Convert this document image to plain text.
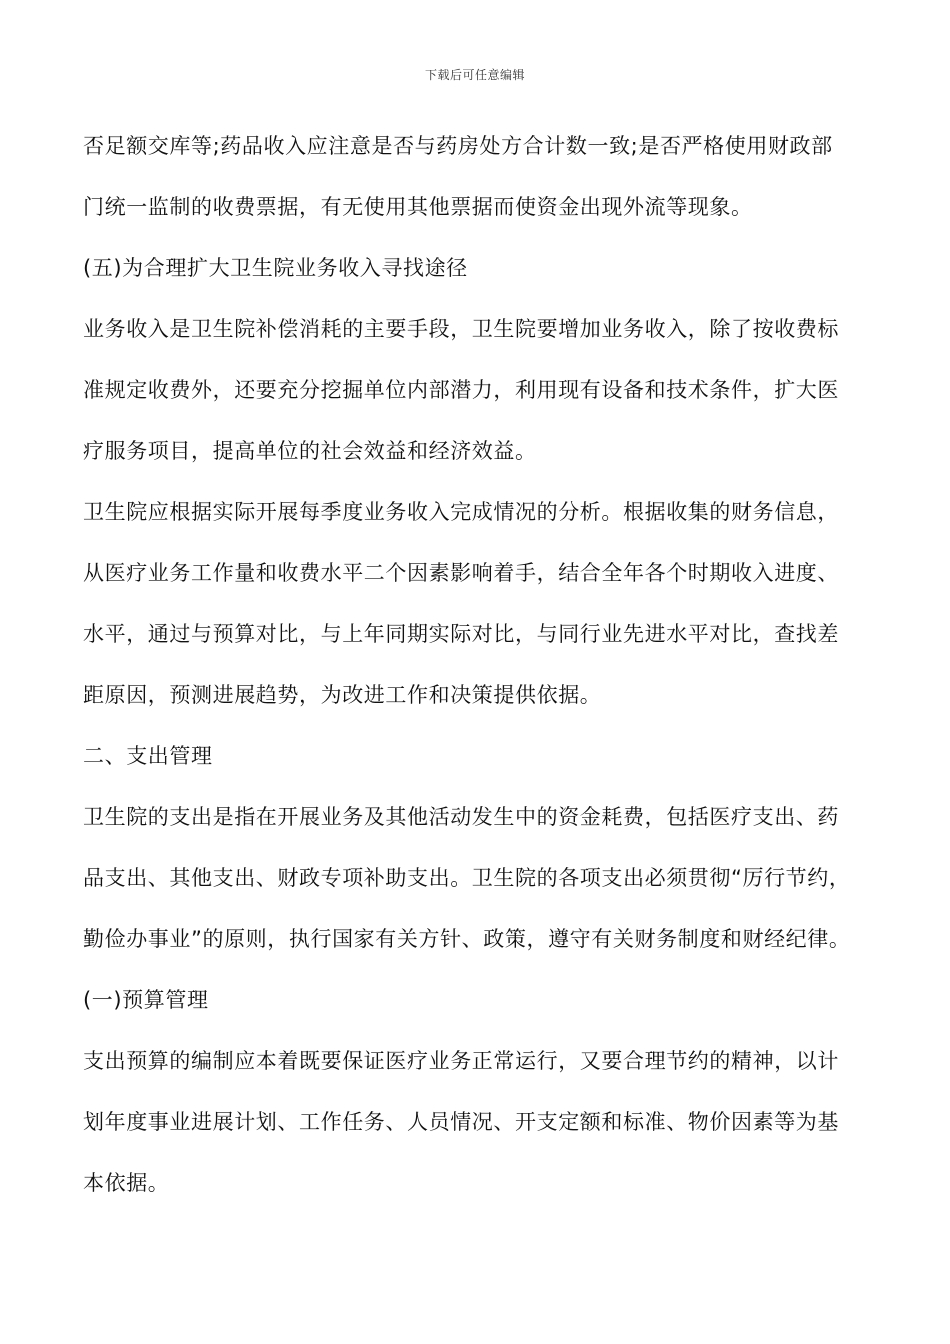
下载后可任意编辑
否足额交库等;药品收入应注意是否与药房处方合计数一致;是否严格使用财政部
门统一监制的收费票据，有无使用其他票据而使资金出现外流等现象。
(五)为合理扩大卫生院业务收入寻找途径
业务收入是卫生院补偿消耗的主要手段，卫生院要增加业务收入，除了按收费标
准规定收费外，还要充分挖掘单位内部潜力，利用现有设备和技术条件，扩大医
疗服务项目，提高单位的社会效益和经济效益。
卫生院应根据实际开展每季度业务收入完成情况的分析。根据收集的财务信息，
从医疗业务工作量和收费水平二个因素影响着手，结合全年各个时期收入进度、
水平，通过与预算对比，与上年同期实际对比，与同行业先进水平对比，查找差
距原因，预测进展趋势，为改进工作和决策提供依据。
二、支出管理
卫生院的支出是指在开展业务及其他活动发生中的资金耗费，包括医疗支出、药
品支出、其他支出、财政专项补助支出。卫生院的各项支出必须贯彻“厉行节约，
勤俭办事业”的原则，执行国家有关方针、政策，遵守有关财务制度和财经纪律。
(一)预算管理
支出预算的编制应本着既要保证医疗业务正常运行，又要合理节约的精神，以计
划年度事业进展计划、工作任务、人员情况、开支定额和标准、物价因素等为基
本依据。
